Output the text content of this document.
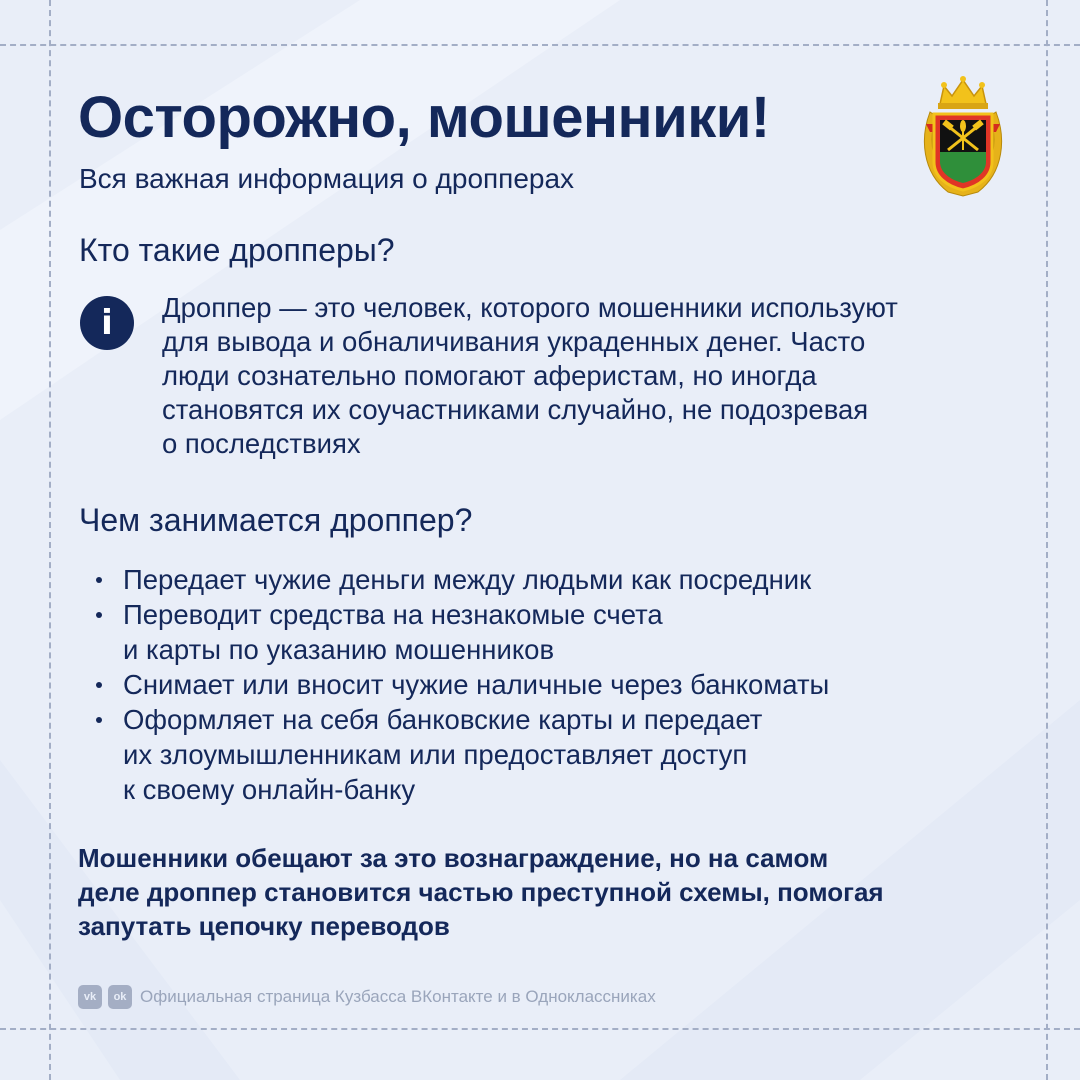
Осторожно, мошенники!
Вся важная информация о дропперах
Кто такие дропперы?
i	Дроппер — это человек, которого мошенники используют
для вывода и обналичивания украденных денег. Часто
люди сознательно помогают аферистам, но иногда
становятся их соучастниками случайно, не подозревая
о последствиях
Чем занимается дроппер?
Передает чужие деньги между людьми как посредник
Переводит средства на незнакомые счета
и карты по указанию мошенников
Снимает или вносит чужие наличные через банкоматы
Оформляет на себя банковские карты и передает
их злоумышленникам или предоставляет доступ
к своему онлайн-банку
Мошенники обещают за это вознаграждение, но на самом
деле дроппер становится частью преступной схемы, помогая
запутать цепочку переводов
vk	ok Официальная страница Кузбасса ВКонтакте и в Одноклассниках
